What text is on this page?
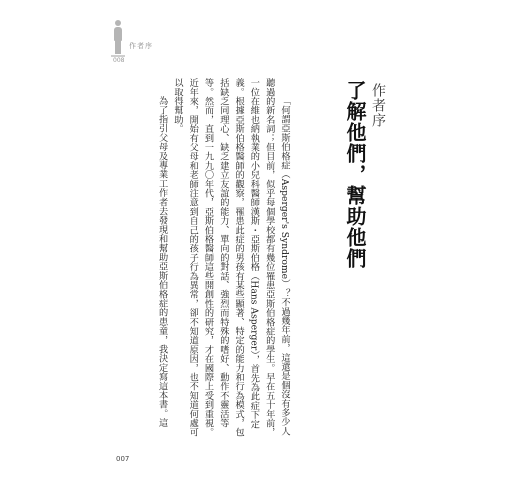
作者序
008
作者序
了解他們，幫助他們

「何謂亞斯伯格症（Asperger's Syndrome）？不過幾年前，這還是個沒有多少人聽過的新名詞；但目前，似乎每個學校都有幾位罹患亞斯伯格症的學生。早在五十年前，一位在維也納執業的小兒科醫師漢斯・亞斯伯格（Hans Asperger），首先為此症下定義。根據亞斯伯格醫師的觀察，罹患此症的男孩有某些顯著、特定的能力和行為模式，包括缺乏同理心、缺乏建立友誼的能力、單向的對話、強烈而特殊的嗜好、動作不靈活等等。然而，直到一九九〇年代，亞斯伯格醫師這些開創性的研究，才在國際上受到重視。近年來，開始有父母和老師注意到自己的孩子行為異常，卻不知道原因，也不知道何處可以取得幫助。

為了指引父母及專業工作者去發現和幫助亞斯伯格症的患童，我決定寫這本書。這

007
